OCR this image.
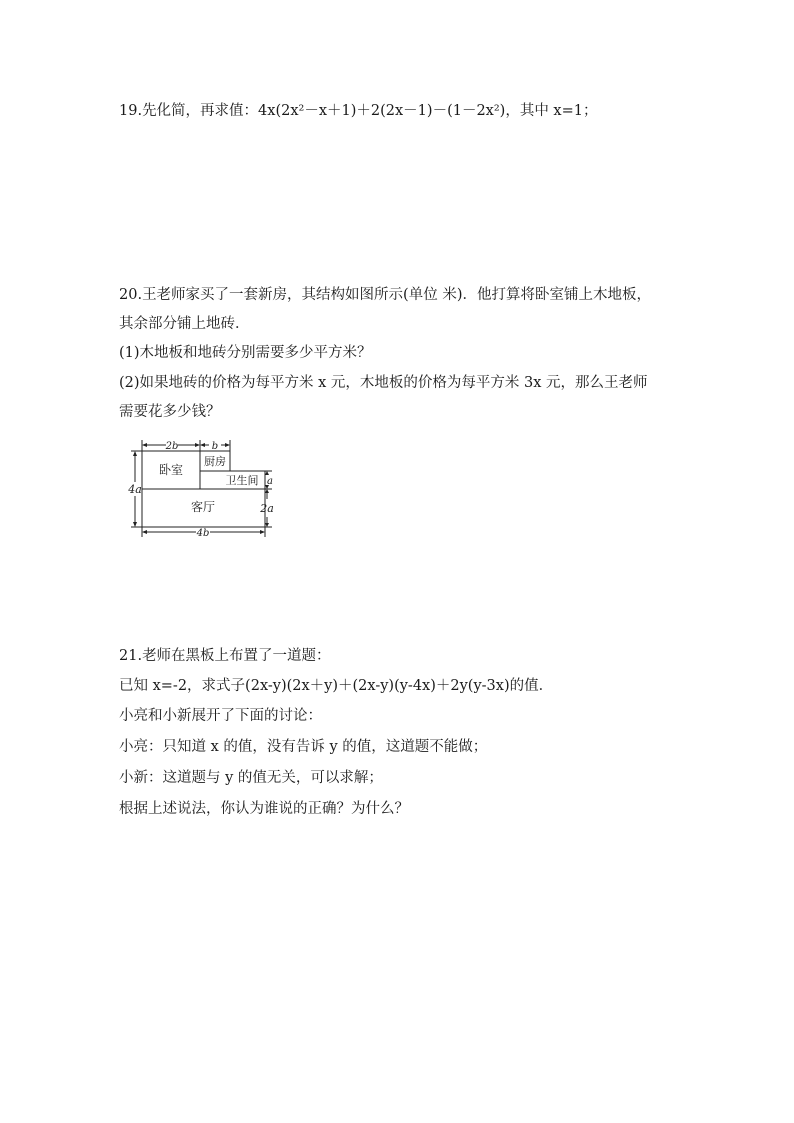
19.先化简，再求值：4x(2x²－x＋1)＋2(2x－1)－(1－2x²)，其中 x=1；

20.王老师家买了一套新房，其结构如图所示(单位 米)．他打算将卧室铺上木地板，

其余部分铺上地砖．

(1)木地板和地砖分别需要多少平方米？

(2)如果地砖的价格为每平方米 x 元，木地板的价格为每平方米 3x 元，那么王老师

需要花多少钱？

卧室
厨房
卫生间
客厅
2b	b
4b
4a
a
2a

21.老师在黑板上布置了一道题：

已知 x=-2，求式子(2x-y)(2x＋y)＋(2x-y)(y-4x)＋2y(y-3x)的值．

小亮和小新展开了下面的讨论：

小亮：只知道 x 的值，没有告诉 y 的值，这道题不能做；

小新：这道题与 y 的值无关，可以求解；

根据上述说法，你认为谁说的正确？为什么？
